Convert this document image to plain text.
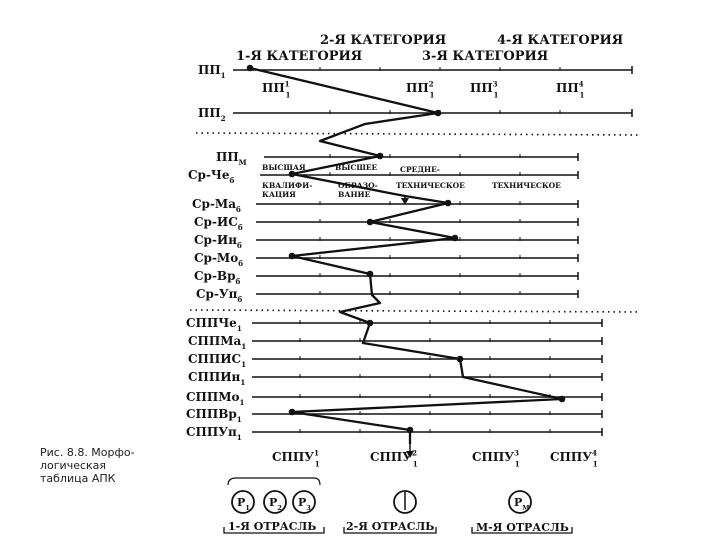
$ПП_1$
$ПП_2$
$ПП_М$
$Ср-Че_б$
$Ср-Ма_б$
$Ср-ИС_б$
$Ср-Ин_б$
$Ср-Мо_б$
$Ср-Вр_б$
$Ср-Уп_б$
СППЧе$_1$
СППМа$_1$
$СППИС_1$
СППИн$_1$
СППМо$_1$
СППВр$_1$
СППУп$_1$
2-Я КАТЕГОРИЯ	4-Я КАТЕГОРИЯ
1-Я КАТЕГОРИЯ	3-Я КАТЕГОРИЯ
$ПП^1$ 1	$ПП^2$ 1	$ПП^3$ 1	$ПП^4$ 1
ВЫСШАЯ
КВАЛИФИ-
КАЦИЯ
ВЫСШЕЕ
ОБРАЗО-
ВАНИЕ
СРЕДНЕ-
ТЕХНИЧЕСКОЕ	ТЕХНИЧЕСКОЕ
СППУ$^1$ 1	СППУ$^2$ 1	СППУ$^3$ 1	СППУ$^4$ 1
$Р_1$ $Р_2$ $Р_3$	$Р_М$
1-Я ОТРАСЛЬ	2-Я ОТРАСЛЬ	М-Я ОТРАСЛЬ
Рис. 8.8. Морфо-
логическая
таблица АПК
